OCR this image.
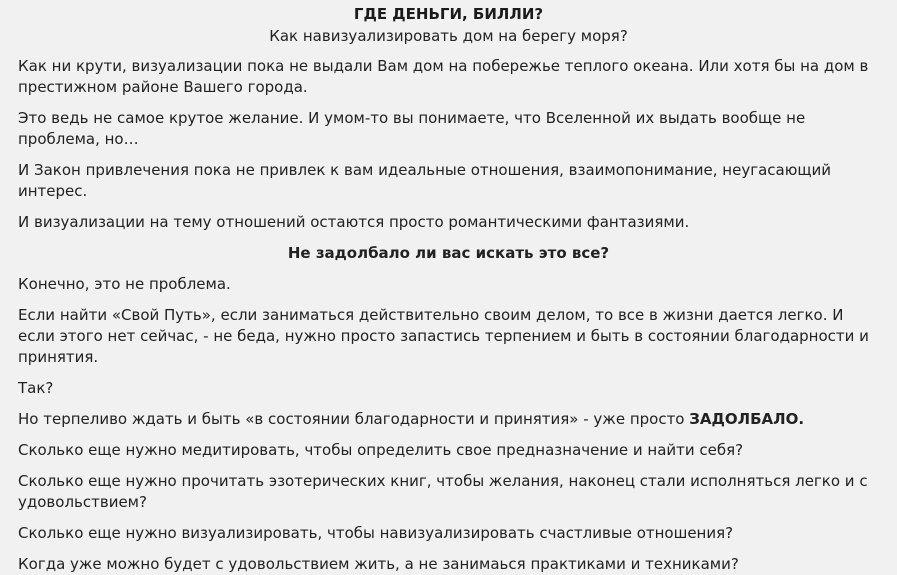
ГДЕ ДЕНЬГИ, БИЛЛИ?
Как навизуализировать дом на берегу моря?

Как ни крути, визуализации пока не выдали Вам дом на побережье теплого океана. Или хотя бы на дом в престижном районе Вашего города.

Это ведь не самое крутое желание. И умом-то вы понимаете, что Вселенной их выдать вообще не проблема, но…

И Закон привлечения пока не привлек к вам идеальные отношения, взаимопонимание, неугасающий интерес.

И визуализации на тему отношений остаются просто романтическими фантазиями.

Не задолбало ли вас искать это все?

Конечно, это не проблема.

Если найти «Свой Путь», если заниматься действительно своим делом, то все в жизни дается легко. И если этого нет сейчас, - не беда, нужно просто запастись терпением и быть в состоянии благодарности и принятия.

Так?

Но терпеливо ждать и быть «в состоянии благодарности и принятия» - уже просто ЗАДОЛБАЛО.

Сколько еще нужно медитировать, чтобы определить свое предназначение и найти себя?

Сколько еще нужно прочитать эзотерических книг, чтобы желания, наконец стали исполняться легко и с удовольствием?

Сколько еще нужно визуализировать, чтобы навизуализировать счастливые отношения?

Когда уже можно будет с удовольствием жить, а не занимаься практиками и техниками?
